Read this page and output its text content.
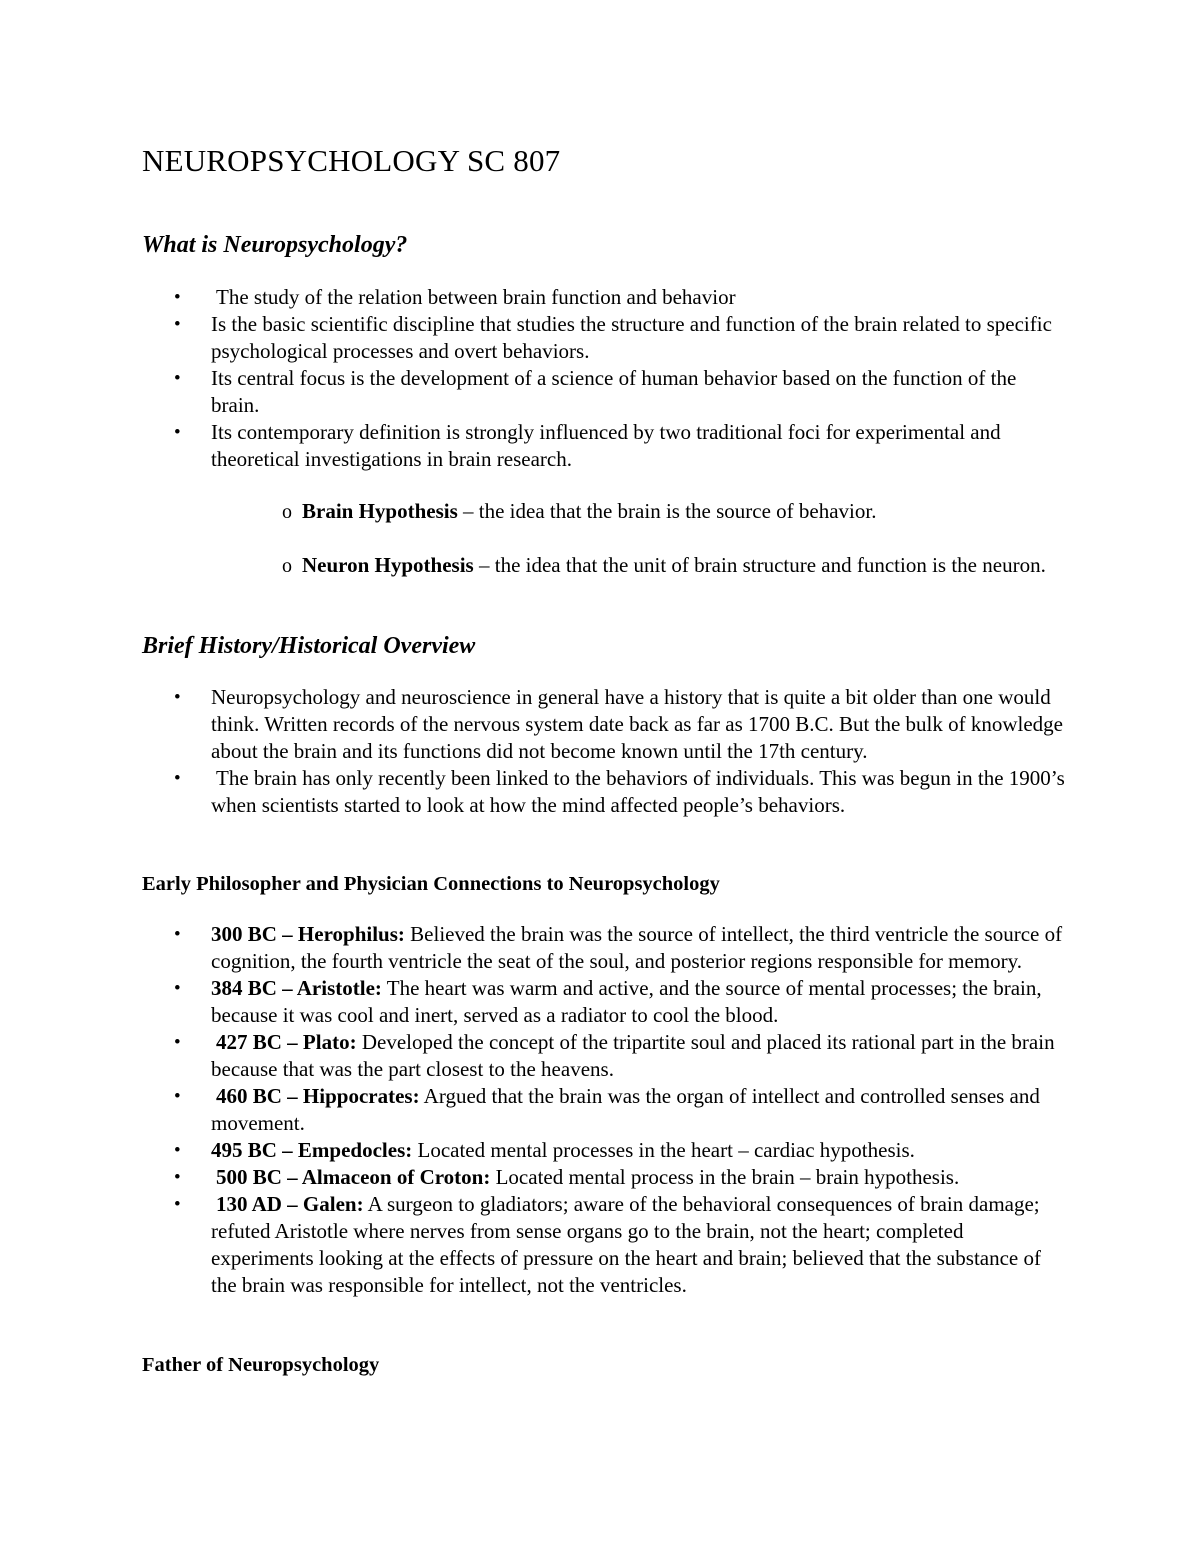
NEUROPSYCHOLOGY SC 807
What is Neuropsychology?
• The study of the relation between brain function and behavior
• Is the basic scientific discipline that studies the structure and function of the brain related to specific psychological processes and overt behaviors.
• Its central focus is the development of a science of human behavior based on the function of the brain.
• Its contemporary definition is strongly influenced by two traditional foci for experimental and theoretical investigations in brain research.
o Brain Hypothesis – the idea that the brain is the source of behavior.
o Neuron Hypothesis – the idea that the unit of brain structure and function is the neuron.
Brief History/Historical Overview
• Neuropsychology and neuroscience in general have a history that is quite a bit older than one would think. Written records of the nervous system date back as far as 1700 B.C. But the bulk of knowledge about the brain and its functions did not become known until the 17th century.
• The brain has only recently been linked to the behaviors of individuals. This was begun in the 1900’s when scientists started to look at how the mind affected people’s behaviors.
Early Philosopher and Physician Connections to Neuropsychology
• 300 BC – Herophilus: Believed the brain was the source of intellect, the third ventricle the source of cognition, the fourth ventricle the seat of the soul, and posterior regions responsible for memory.
• 384 BC – Aristotle: The heart was warm and active, and the source of mental processes; the brain, because it was cool and inert, served as a radiator to cool the blood.
• 427 BC – Plato: Developed the concept of the tripartite soul and placed its rational part in the brain because that was the part closest to the heavens.
• 460 BC – Hippocrates: Argued that the brain was the organ of intellect and controlled senses and movement.
• 495 BC – Empedocles: Located mental processes in the heart – cardiac hypothesis.
• 500 BC – Almaceon of Croton: Located mental process in the brain – brain hypothesis.
• 130 AD – Galen: A surgeon to gladiators; aware of the behavioral consequences of brain damage; refuted Aristotle where nerves from sense organs go to the brain, not the heart; completed experiments looking at the effects of pressure on the heart and brain; believed that the substance of the brain was responsible for intellect, not the ventricles.
Father of Neuropsychology
